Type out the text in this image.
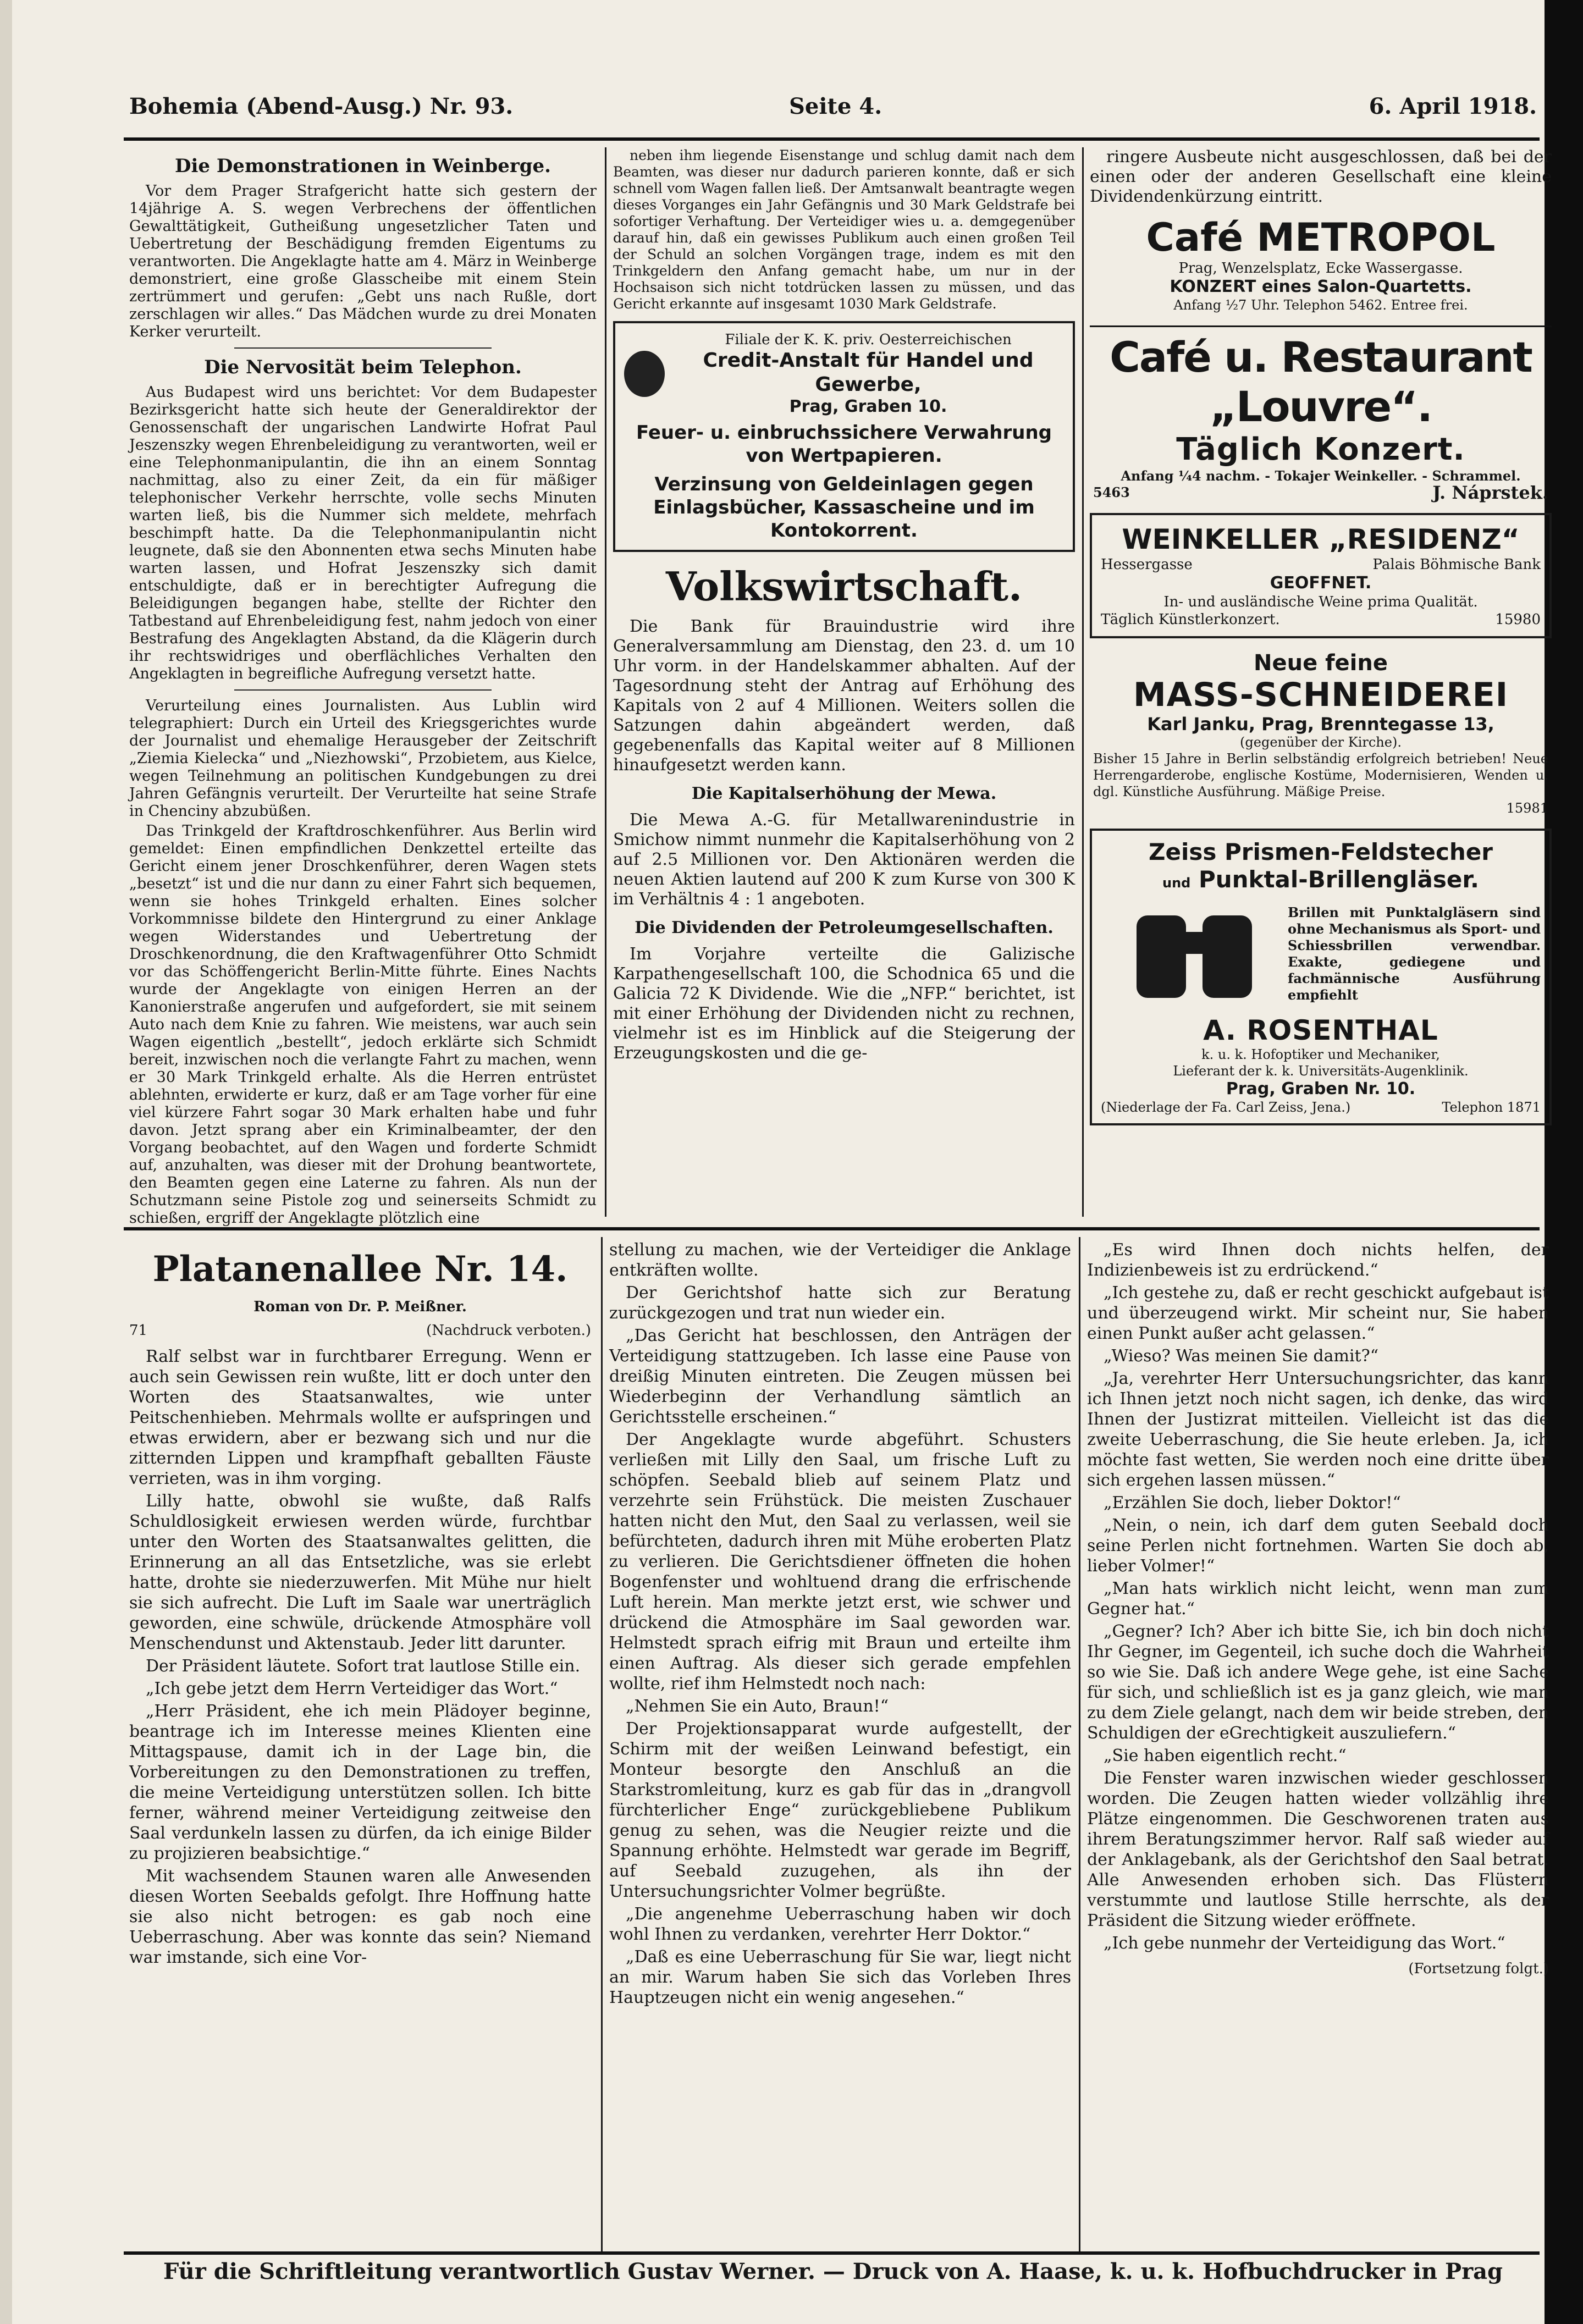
Bohemia (Abend-Ausg.) Nr. 93.	Seite 4.	6. April 1918.
Die Demonstrationen in Weinberge.

Vor dem Prager Strafgericht hatte sich gestern der 14jährige A. S. wegen Verbrechens der öffentlichen Gewalttätigkeit, Gutheißung ungesetzlicher Taten und Uebertretung der Beschädigung fremden Eigentums zu verantworten. Die Angeklagte hatte am 4. März in Weinberge demonstriert, eine große Glasscheibe mit einem Stein zertrümmert und gerufen: „Gebt uns nach Rußle, dort zerschlagen wir alles.“ Das Mädchen wurde zu drei Monaten Kerker verurteilt.

Die Nervosität beim Telephon.

Aus Budapest wird uns berichtet: Vor dem Budapester Bezirksgericht hatte sich heute der Generaldirektor der Genossenschaft der ungarischen Landwirte Hofrat Paul Jeszenszky wegen Ehrenbeleidigung zu verantworten, weil er eine Telephonmanipulantin, die ihn an einem Sonntag nachmittag, also zu einer Zeit, da ein für mäßiger telephonischer Verkehr herrschte, volle sechs Minuten warten ließ, bis die Nummer sich meldete, mehrfach beschimpft hatte. Da die Telephonmanipulantin nicht leugnete, daß sie den Abonnenten etwa sechs Minuten habe warten lassen, und Hofrat Jeszenszky sich damit entschuldigte, daß er in berechtigter Aufregung die Beleidigungen begangen habe, stellte der Richter den Tatbestand auf Ehrenbeleidigung fest, nahm jedoch von einer Bestrafung des Angeklagten Abstand, da die Klägerin durch ihr rechtswidriges und oberflächliches Verhalten den Angeklagten in begreifliche Aufregung versetzt hatte.

Verurteilung eines Journalisten. Aus Lublin wird telegraphiert: Durch ein Urteil des Kriegsgerichtes wurde der Journalist und ehemalige Herausgeber der Zeitschrift „Ziemia Kielecka“ und „Niezhowski“, Przobietem, aus Kielce, wegen Teilnehmung an politischen Kundgebungen zu drei Jahren Gefängnis verurteilt. Der Verurteilte hat seine Strafe in Chenciny abzubüßen.

Das Trinkgeld der Kraftdroschkenführer. Aus Berlin wird gemeldet: Einen empfindlichen Denkzettel erteilte das Gericht einem jener Droschkenführer, deren Wagen stets „besetzt“ ist und die nur dann zu einer Fahrt sich bequemen, wenn sie hohes Trinkgeld erhalten. Eines solcher Vorkommnisse bildete den Hintergrund zu einer Anklage wegen Widerstandes und Uebertretung der Droschkenordnung, die den Kraftwagenführer Otto Schmidt vor das Schöffengericht Berlin-Mitte führte. Eines Nachts wurde der Angeklagte von einigen Herren an der Kanonierstraße angerufen und aufgefordert, sie mit seinem Auto nach dem Knie zu fahren. Wie meistens, war auch sein Wagen eigentlich „bestellt“, jedoch erklärte sich Schmidt bereit, inzwischen noch die verlangte Fahrt zu machen, wenn er 30 Mark Trinkgeld erhalte. Als die Herren entrüstet ablehnten, erwiderte er kurz, daß er am Tage vorher für eine viel kürzere Fahrt sogar 30 Mark erhalten habe und fuhr davon. Jetzt sprang aber ein Kriminalbeamter, der den Vorgang beobachtet, auf den Wagen und forderte Schmidt auf, anzuhalten, was dieser mit der Drohung beantwortete, den Beamten gegen eine Laterne zu fahren. Als nun der Schutzmann seine Pistole zog und seinerseits Schmidt zu schießen, ergriff der Angeklagte plötzlich eine

neben ihm liegende Eisenstange und schlug damit nach dem Beamten, was dieser nur dadurch parieren konnte, daß er sich schnell vom Wagen fallen ließ. Der Amtsanwalt beantragte wegen dieses Vorganges ein Jahr Gefängnis und 30 Mark Geldstrafe bei sofortiger Verhaftung. Der Verteidiger wies u. a. demgegenüber darauf hin, daß ein gewisses Publikum auch einen großen Teil der Schuld an solchen Vorgängen trage, indem es mit den Trinkgeldern den Anfang gemacht habe, um nur in der Hochsaison sich nicht totdrücken lassen zu müssen, und das Gericht erkannte auf insgesamt 1030 Mark Geldstrafe.

Filiale der K. K. priv. Oesterreichischen
Credit-Anstalt für Handel und Gewerbe,
Prag, Graben 10.
Feuer- u. einbruchssichere Verwahrung von Wertpapieren.
Verzinsung von Geldeinlagen gegen Einlagsbücher, Kassascheine und im Kontokorrent.
Volkswirtschaft.

Die Bank für Brauindustrie wird ihre Generalversammlung am Dienstag, den 23. d. um 10 Uhr vorm. in der Handelskammer abhalten. Auf der Tagesordnung steht der Antrag auf Erhöhung des Kapitals von 2 auf 4 Millionen. Weiters sollen die Satzungen dahin abgeändert werden, daß gegebenenfalls das Kapital weiter auf 8 Millionen hinaufgesetzt werden kann.

Die Kapitalserhöhung der Mewa.

Die Mewa A.-G. für Metallwarenindustrie in Smichow nimmt nunmehr die Kapitalserhöhung von 2 auf 2.5 Millionen vor. Den Aktionären werden die neuen Aktien lautend auf 200 K zum Kurse von 300 K im Verhältnis 4 : 1 angeboten.

Die Dividenden der Petroleumgesellschaften.

Im Vorjahre verteilte die Galizische Karpathengesellschaft 100, die Schodnica 65 und die Galicia 72 K Dividende. Wie die „NFP.“ berichtet, ist mit einer Erhöhung der Dividenden nicht zu rechnen, vielmehr ist es im Hinblick auf die Steigerung der Erzeugungskosten und die ge-

ringere Ausbeute nicht ausgeschlossen, daß bei der einen oder der anderen Gesellschaft eine kleine Dividendenkürzung eintritt.

Café METROPOL
Prag, Wenzelsplatz, Ecke Wassergasse.
KONZERT eines Salon-Quartetts.
Anfang ½7 Uhr. Telephon 5462. Entree frei.
Café u. Restaurant „Louvre“.
Täglich Konzert.
Anfang ¼4 nachm. - Tokajer Weinkeller. - Schrammel.
5463	J. Náprstek.
WEINKELLER „RESIDENZ“
Hessergasse	Palais Böhmische Bank
GEOFFNET.
In- und ausländische Weine prima Qualität.
Täglich Künstlerkonzert.	15980
Neue feine
MASS-SCHNEIDEREI
Karl Janku, Prag, Brenntegasse 13,
(gegenüber der Kirche).
Bisher 15 Jahre in Berlin selbständig erfolgreich betrieben! Neue Herrengarderobe, englische Kostüme, Modernisieren, Wenden u. dgl. Künstliche Ausführung. Mäßige Preise.
15981
Zeiss Prismen-Feldstecher
und Punktal-Brillengläser.
Brillen mit Punktalgläsern sind ohne Mechanismus als Sport- und Schiessbrillen verwendbar. Exakte, gediegene und fachmännische Ausführung empfiehlt
A. ROSENTHAL
k. u. k. Hofoptiker und Mechaniker,
Lieferant der k. k. Universitäts-Augenklinik.
Prag, Graben Nr. 10.
(Niederlage der Fa. Carl Zeiss, Jena.)	Telephon 1871
Platanenallee Nr. 14.
Roman von Dr. P. Meißner.
71	(Nachdruck verboten.)

Ralf selbst war in furchtbarer Erregung. Wenn er auch sein Gewissen rein wußte, litt er doch unter den Worten des Staatsanwaltes, wie unter Peitschenhieben. Mehrmals wollte er aufspringen und etwas erwidern, aber er bezwang sich und nur die zitternden Lippen und krampfhaft geballten Fäuste verrieten, was in ihm vorging.

Lilly hatte, obwohl sie wußte, daß Ralfs Schuldlosigkeit erwiesen werden würde, furchtbar unter den Worten des Staatsanwaltes gelitten, die Erinnerung an all das Entsetzliche, was sie erlebt hatte, drohte sie niederzuwerfen. Mit Mühe nur hielt sie sich aufrecht. Die Luft im Saale war unerträglich geworden, eine schwüle, drückende Atmosphäre voll Menschendunst und Aktenstaub. Jeder litt darunter.

Der Präsident läutete. Sofort trat lautlose Stille ein.

„Ich gebe jetzt dem Herrn Verteidiger das Wort.“

„Herr Präsident, ehe ich mein Plädoyer beginne, beantrage ich im Interesse meines Klienten eine Mittagspause, damit ich in der Lage bin, die Vorbereitungen zu den Demonstrationen zu treffen, die meine Verteidigung unterstützen sollen. Ich bitte ferner, während meiner Verteidigung zeitweise den Saal verdunkeln lassen zu dürfen, da ich einige Bilder zu projizieren beabsichtige.“

Mit wachsendem Staunen waren alle Anwesenden diesen Worten Seebalds gefolgt. Ihre Hoffnung hatte sie also nicht betrogen: es gab noch eine Ueberraschung. Aber was konnte das sein? Niemand war imstande, sich eine Vor-

stellung zu machen, wie der Verteidiger die Anklage entkräften wollte.

Der Gerichtshof hatte sich zur Beratung zurückgezogen und trat nun wieder ein.

„Das Gericht hat beschlossen, den Anträgen der Verteidigung stattzugeben. Ich lasse eine Pause von dreißig Minuten eintreten. Die Zeugen müssen bei Wiederbeginn der Verhandlung sämtlich an Gerichtsstelle erscheinen.“

Der Angeklagte wurde abgeführt. Schusters verließen mit Lilly den Saal, um frische Luft zu schöpfen. Seebald blieb auf seinem Platz und verzehrte sein Frühstück. Die meisten Zuschauer hatten nicht den Mut, den Saal zu verlassen, weil sie befürchteten, dadurch ihren mit Mühe eroberten Platz zu verlieren. Die Gerichtsdiener öffneten die hohen Bogenfenster und wohltuend drang die erfrischende Luft herein. Man merkte jetzt erst, wie schwer und drückend die Atmosphäre im Saal geworden war. Helmstedt sprach eifrig mit Braun und erteilte ihm einen Auftrag. Als dieser sich gerade empfehlen wollte, rief ihm Helmstedt noch nach:

„Nehmen Sie ein Auto, Braun!“

Der Projektionsapparat wurde aufgestellt, der Schirm mit der weißen Leinwand befestigt, ein Monteur besorgte den Anschluß an die Starkstromleitung, kurz es gab für das in „drangvoll fürchterlicher Enge“ zurückgebliebene Publikum genug zu sehen, was die Neugier reizte und die Spannung erhöhte. Helmstedt war gerade im Begriff, auf Seebald zuzugehen, als ihn der Untersuchungsrichter Volmer begrüßte.

„Die angenehme Ueberraschung haben wir doch wohl Ihnen zu verdanken, verehrter Herr Doktor.“

„Daß es eine Ueberraschung für Sie war, liegt nicht an mir. Warum haben Sie sich das Vorleben Ihres Hauptzeugen nicht ein wenig angesehen.“

„Es wird Ihnen doch nichts helfen, der Indizienbeweis ist zu erdrückend.“

„Ich gestehe zu, daß er recht geschickt aufgebaut ist und überzeugend wirkt. Mir scheint nur, Sie haben einen Punkt außer acht gelassen.“

„Wieso? Was meinen Sie damit?“

„Ja, verehrter Herr Untersuchungsrichter, das kann ich Ihnen jetzt noch nicht sagen, ich denke, das wird Ihnen der Justizrat mitteilen. Vielleicht ist das die zweite Ueberraschung, die Sie heute erleben. Ja, ich möchte fast wetten, Sie werden noch eine dritte über sich ergehen lassen müssen.“

„Erzählen Sie doch, lieber Doktor!“

„Nein, o nein, ich darf dem guten Seebald doch seine Perlen nicht fortnehmen. Warten Sie doch ab, lieber Volmer!“

„Man hats wirklich nicht leicht, wenn man zum Gegner hat.“

„Gegner? Ich? Aber ich bitte Sie, ich bin doch nicht Ihr Gegner, im Gegenteil, ich suche doch die Wahrheit so wie Sie. Daß ich andere Wege gehe, ist eine Sache für sich, und schließlich ist es ja ganz gleich, wie man zu dem Ziele gelangt, nach dem wir beide streben, den Schuldigen der eGrechtigkeit auszuliefern.“

„Sie haben eigentlich recht.“

Die Fenster waren inzwischen wieder geschlossen worden. Die Zeugen hatten wieder vollzählig ihre Plätze eingenommen. Die Geschworenen traten aus ihrem Beratungszimmer hervor. Ralf saß wieder auf der Anklagebank, als der Gerichtshof den Saal betrat. Alle Anwesenden erhoben sich. Das Flüstern verstummte und lautlose Stille herrschte, als der Präsident die Sitzung wieder eröffnete.

„Ich gebe nunmehr der Verteidigung das Wort.“

(Fortsetzung folgt.)
Für die Schriftleitung verantwortlich Gustav Werner. — Druck von A. Haase, k. u. k. Hofbuchdrucker in Prag
